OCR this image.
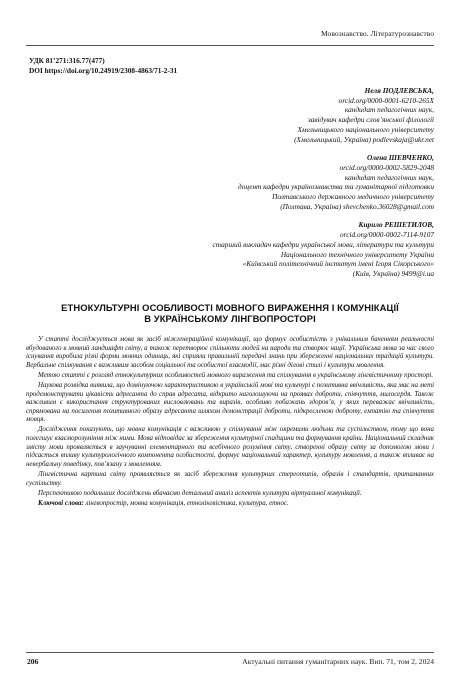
Мовознавство. Літературознавство
УДК 81’271:316.77(477)
DOI https://doi.org/10.24919/2308-4863/71-2-31
Неля ПОДЛЕВСЬКА,
orcid.org/0000-0001-6210-265X
кандидат педагогічних наук,
завідувач кафедри слов’янської філології
Хмельницького національного університету
(Хмельницький, Україна) podlevskaja@ukr.net
Олена ШЕВЧЕНКО,
orcid.org/0000-0002-5829-2048
кандидат педагогічних наук,
доцент кафедри українознавства та гуманітарної підготовки
Полтавського державного медичного університету
(Полтава, Україна) shevchenko.36028@gmail.com
Кирило РЕШЕТИЛОВ,
orcid.org/0000-0002-7114-9107
старший викладач кафедри української мови, літератури та культури
Національного технічного університету України
«Київський політехнічний інститут імені Ігоря Сікорського»
(Київ, Україна) 9499@i.ua
ЕТНОКУЛЬТУРНІ ОСОБЛИВОСТІ МОВНОГО ВИРАЖЕННЯ І КОМУНІКАЦІЇ
В УКРАЇНСЬКОМУ ЛІНГВОПРОСТОРІ

У статті досліджується мова як засіб міжгенераційної комунікації, що формує особистість з унікальним баченням реальності вбудованого в мовний ландшафт світу, а також перетворює спільноти людей на народи та створює нації. Українська мова за час свого існування виробила різні форми мовних одиниць, які сприяли правильній передачі знань при збереженні національних традицій культури. Вербальне спілкування є важливим засобом соціальної та особистої взаємодії, має різні ділові стилі і культури мовлення.

Метою статті є розгляд етнокультурних особливостей мовного вираження та спілкування в українському лінгвістичному просторі.

Наукова розвідка виявила, що домінуючою характеристикою в українській мові та культурі є позитивна ввічливість, яка має на меті продемонструвати цікавість адресанта до справ адресата, відкрито наголошуючи на проявах доброти, співчуття, милосердя. Також важливим є використання структурованих висловлювань та виразів, особливо побажань здоров’я, у яких переважає ввічливість, спрямована на посилення позитивного образу адресанта шляхом демонстрації доброти, підкресленою доброту, емпатію та співчуття мовця.

Дослідження показують, що мовна комунікація є важливою у спілкуванні між окремими людьми та суспільством, тому що вона полегшує взаєморозуміння між ними. Мова відповідає за збереження культурної спадщини та формування країни. Національний складник змісту мови проявляється в заучуванні елементарного та всебічного розуміння світу, створенні образу світу за допомогою мови і підсасться впливу культурологічного компонента особистості, формує національний характер, культуру мовлення, а також впливає на невербальну поведінку, пов’язану з мовленням.

Лінгвістична картина світу проявляється як засіб збереження культурних стереотипів, образів і стандартів, притаманних суспільству.

Перспективою подальших досліджень вбачаємо детальний аналіз аспектів культури віртуальної комунікації.

Ключові слова: лінгвопростір, мовна комунікація, етнолінгвістика, культура, етнос.
206	Актуальні питання гуманітарних наук. Вип. 71, том 2, 2024
